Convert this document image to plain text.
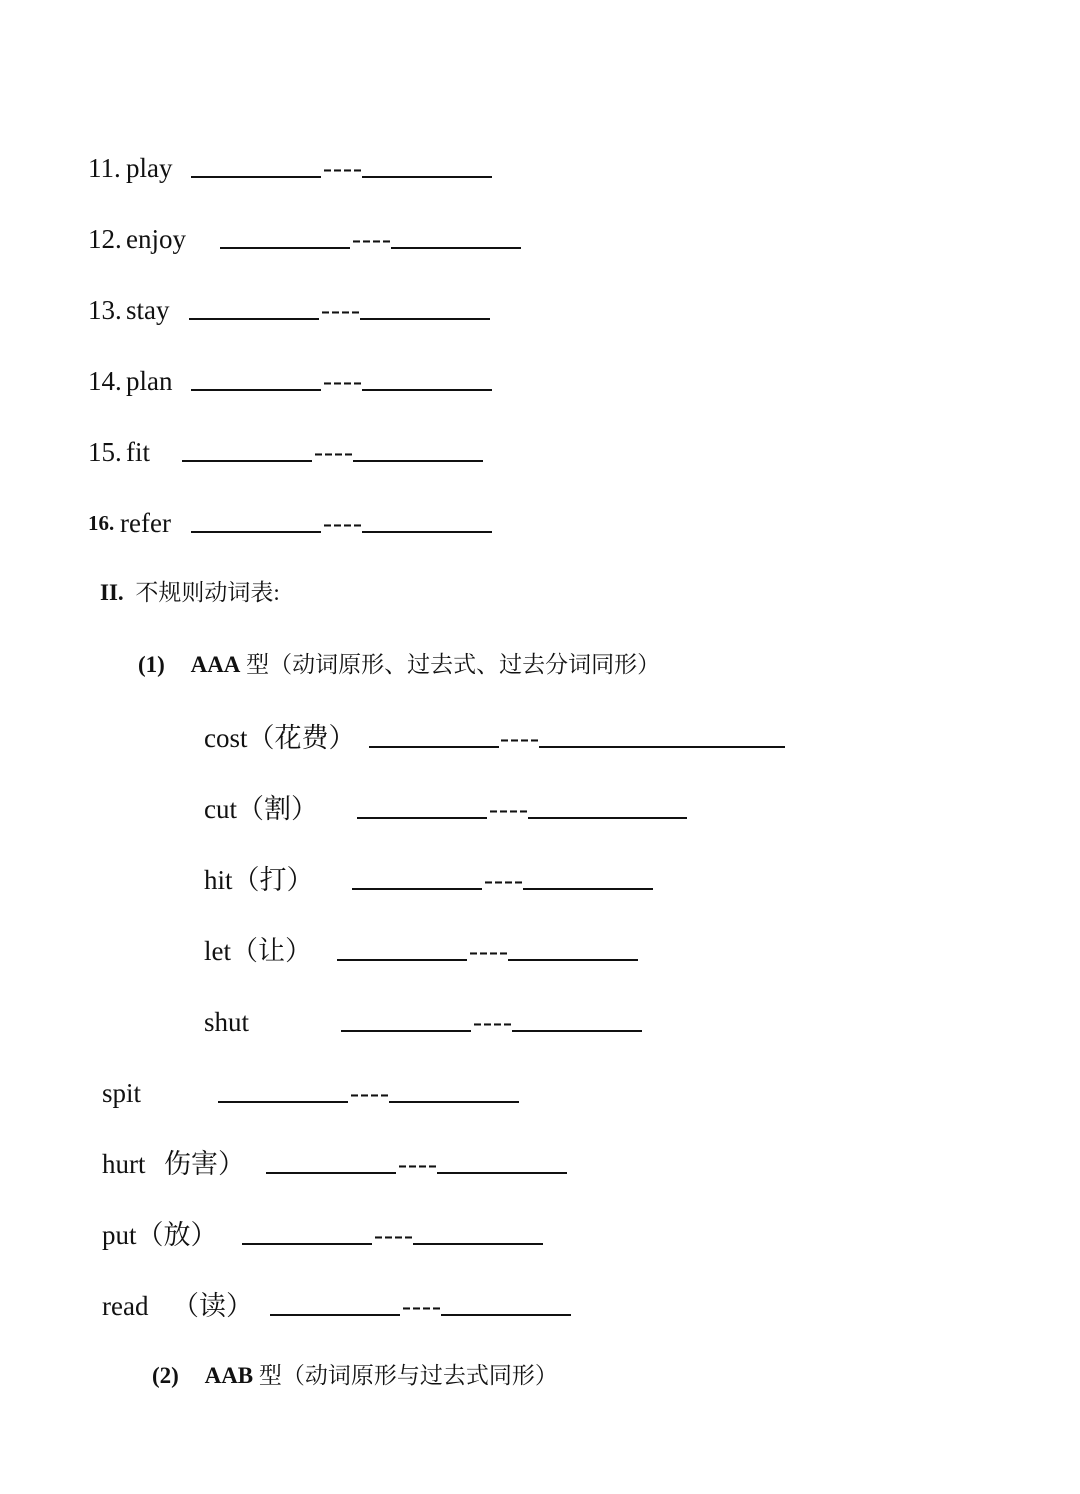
11. play	----
12. enjoy	----
13. stay	----
14. plan	----
15. fit	----
16. refer	----
II. 不规则动词表:
(1) AAA 型（动词原形、过去式、过去分词同形）
cost（花费）	----
cut（割）	----
hit（打）	----
let（让）	----
shut	----
spit	----
hurt 伤害）	----
put（放）	----
read （读）	----
(2) AAB 型（动词原形与过去式同形）
